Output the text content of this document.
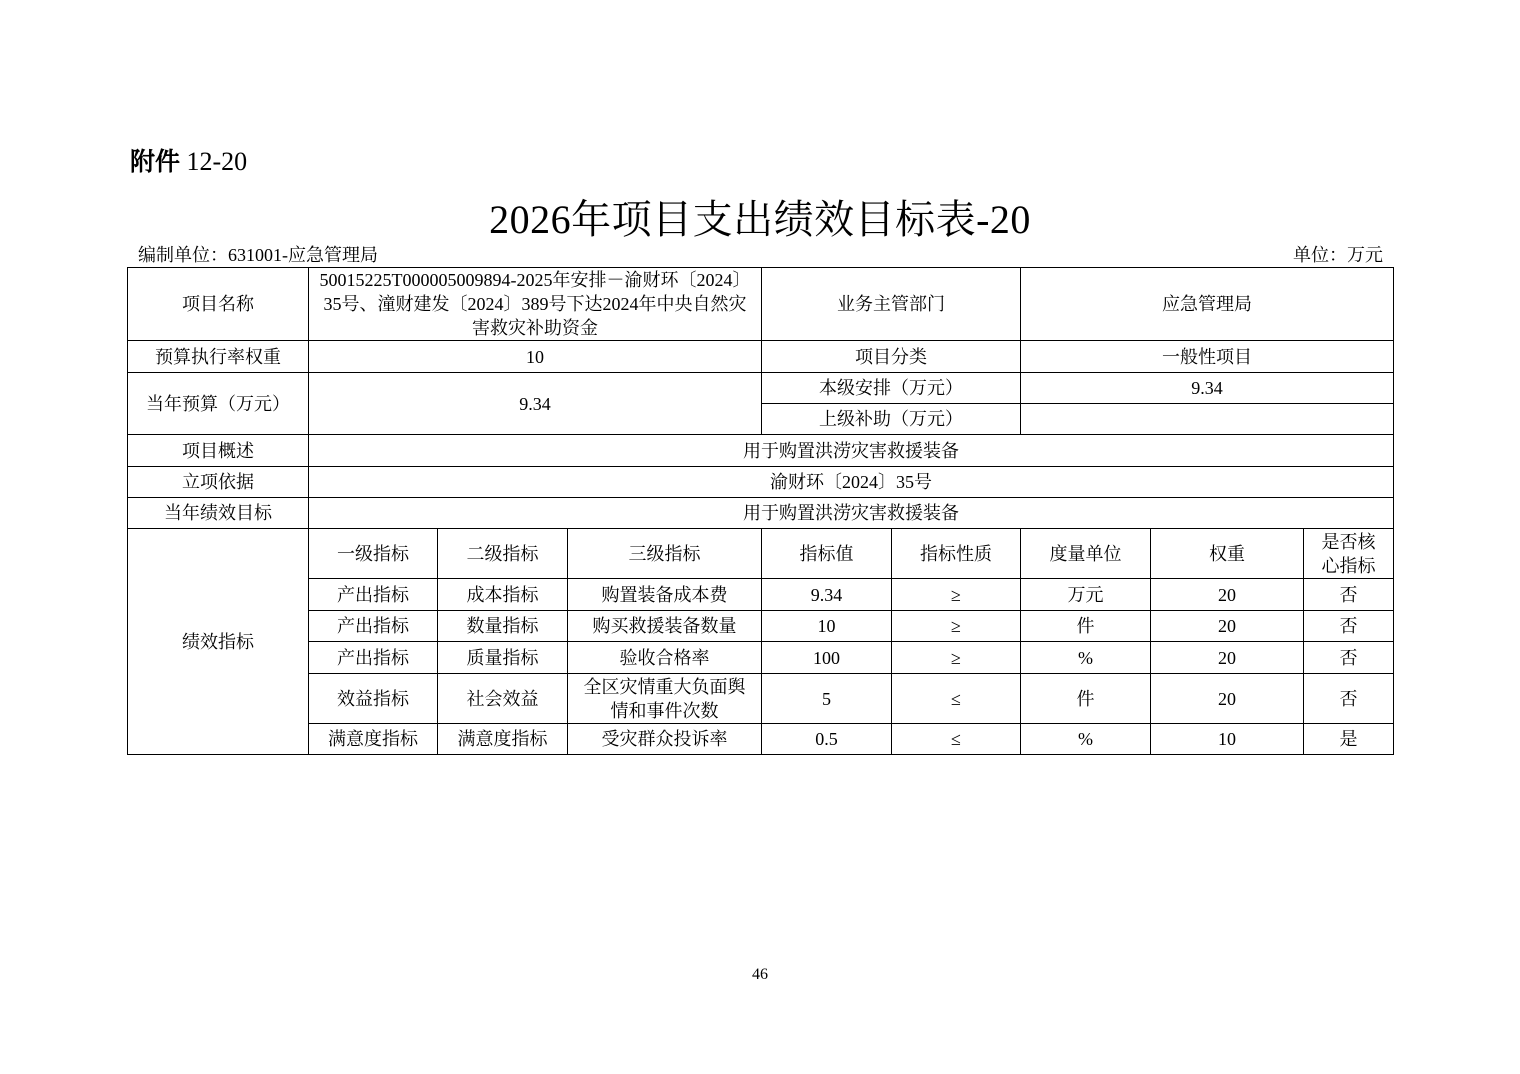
附件 12-20
2026年项目支出绩效目标表-20
编制单位：631001-应急管理局	单位：万元
项目名称	50015225T000005009894-2025年安排－渝财环〔2024〕35号、潼财建发〔2024〕389号下达2024年中央自然灾害救灾补助资金			业务主管部门		应急管理局		
预算执行率权重	10			项目分类		一般性项目		
当年预算（万元）	9.34			本级安排（万元）		9.34		
				上级补助（万元）				
项目概述	用于购置洪涝灾害救援装备							
立项依据	渝财环〔2024〕35号							
当年绩效目标	用于购置洪涝灾害救援装备							
绩效指标	一级指标	二级指标	三级指标	指标值	指标性质	度量单位	权重	是否核心指标
	产出指标	成本指标	购置装备成本费	9.34	≥	万元	20	否
	产出指标	数量指标	购买救援装备数量	10	≥	件	20	否
	产出指标	质量指标	验收合格率	100	≥	%	20	否
	效益指标	社会效益	全区灾情重大负面舆情和事件次数	5	≤	件	20	否
	满意度指标	满意度指标	受灾群众投诉率	0.5	≤	%	10	是
46
